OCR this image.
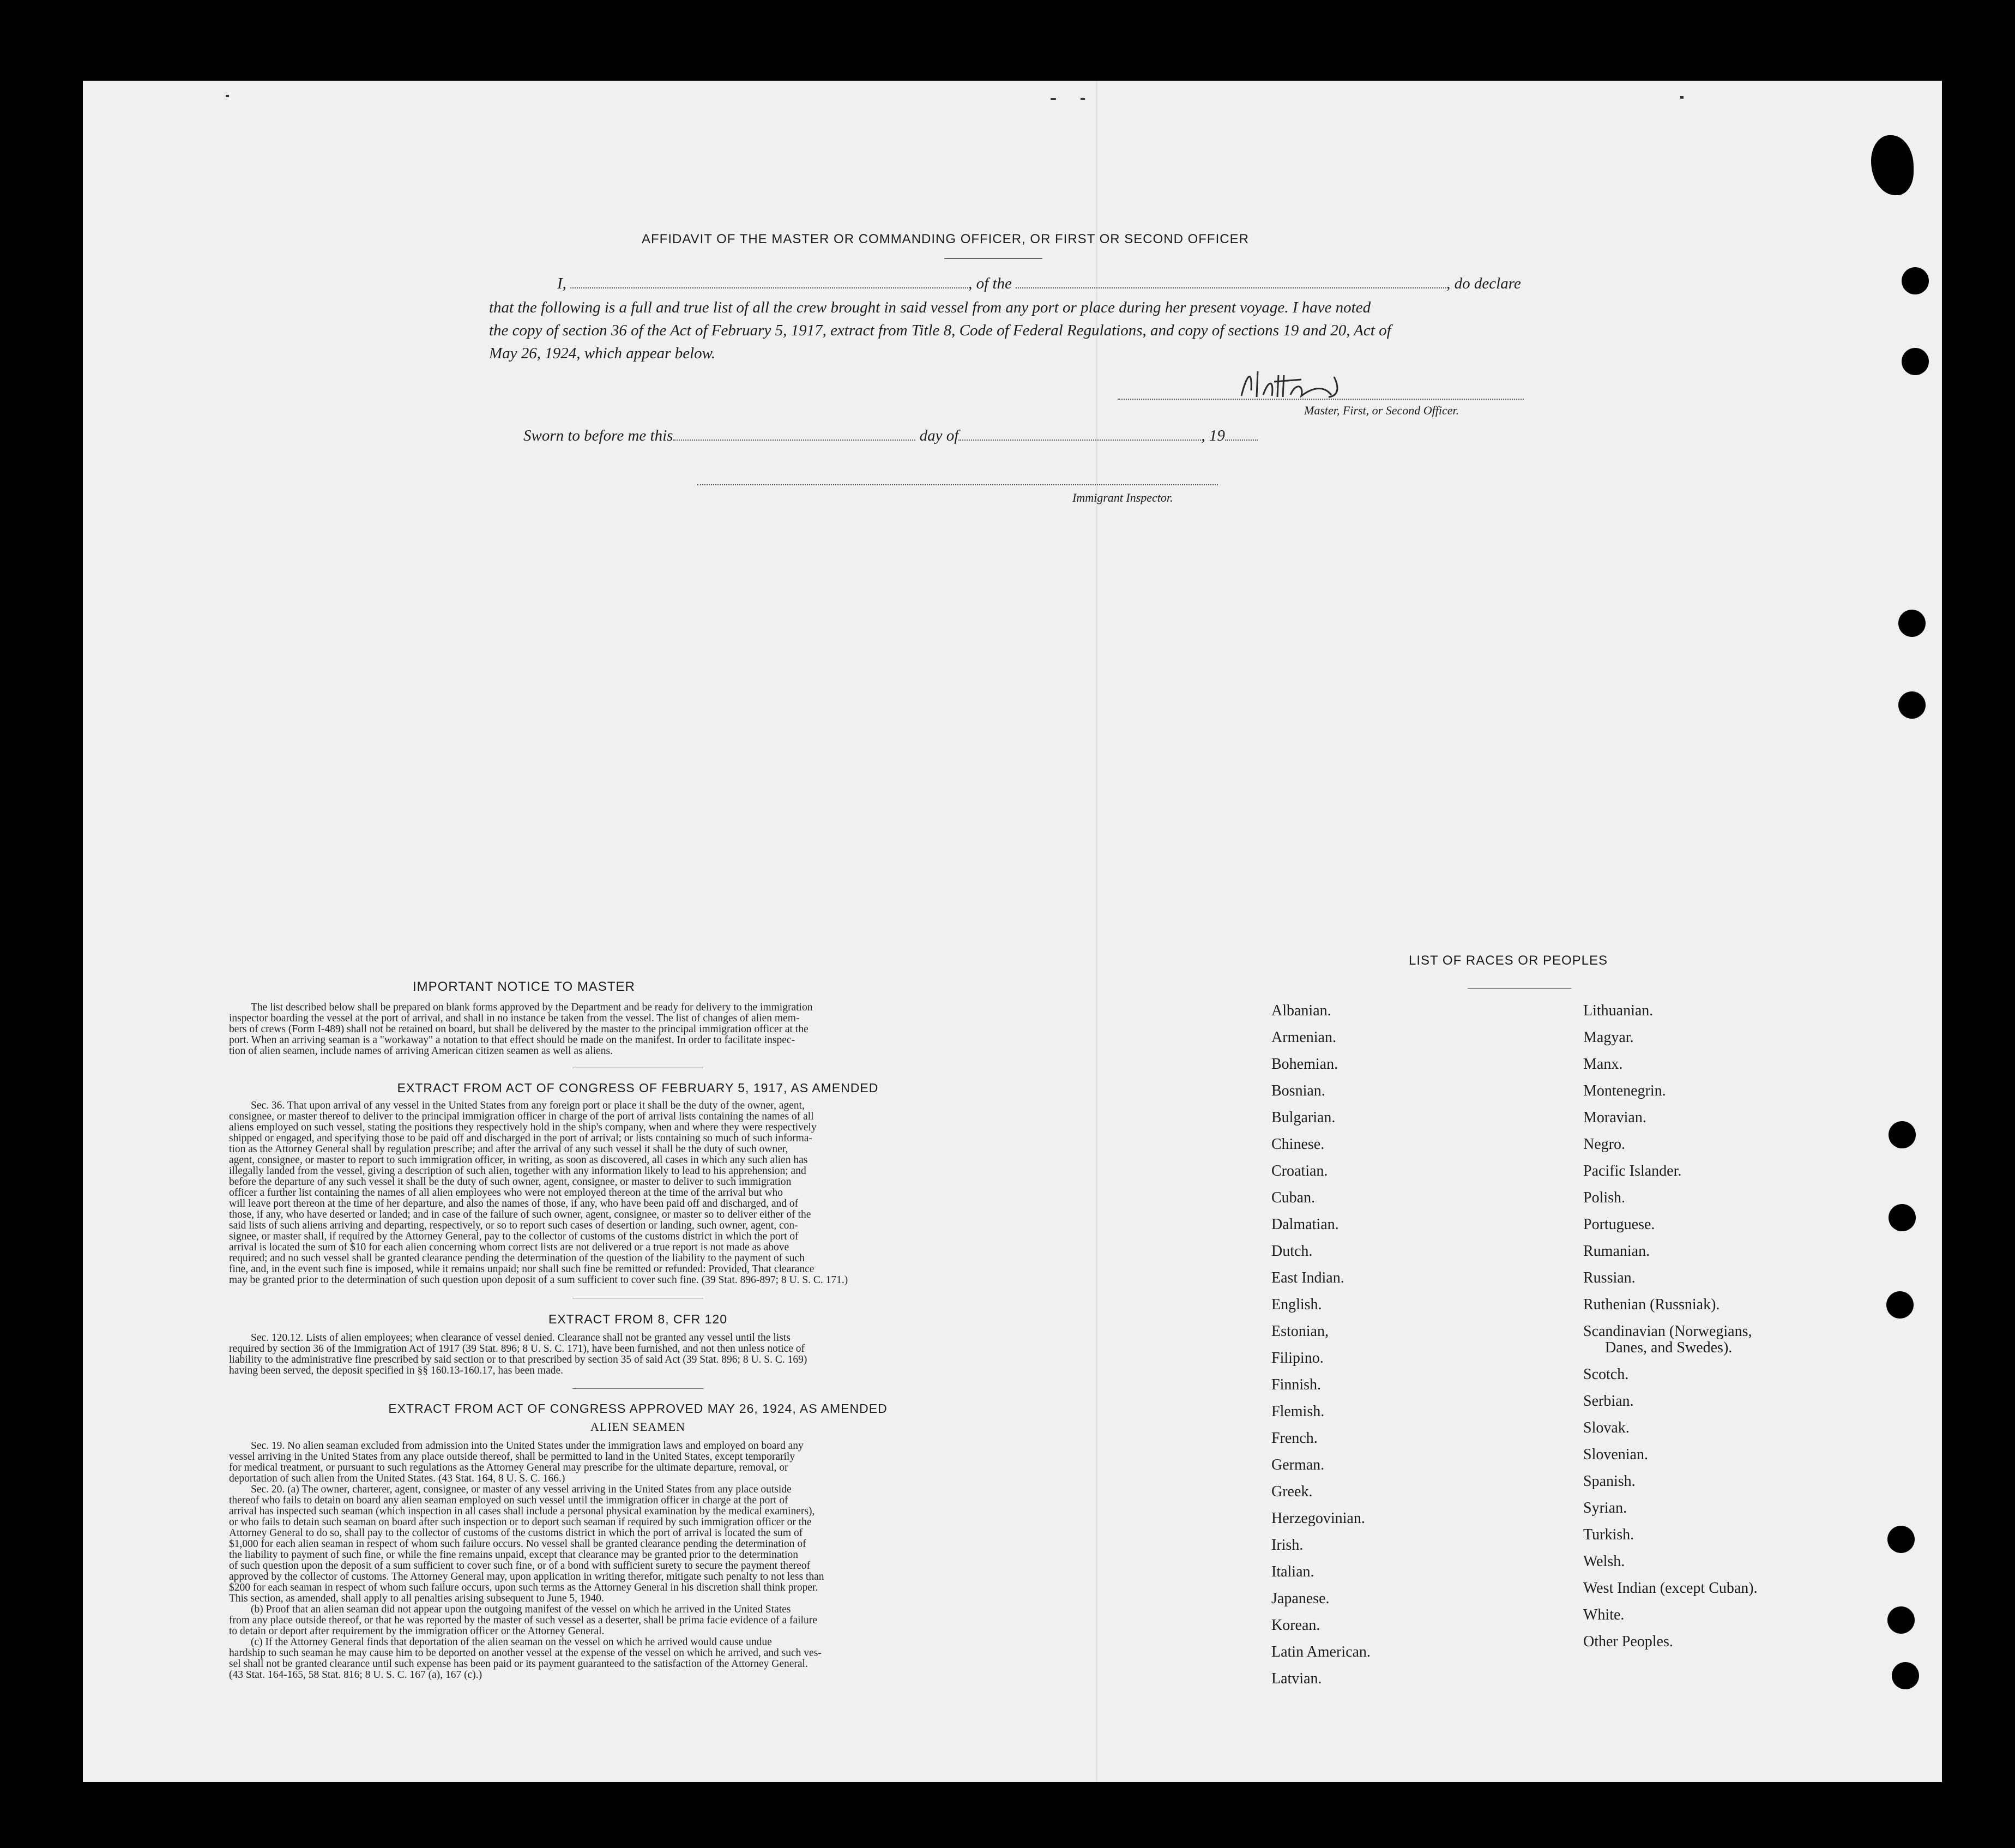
AFFIDAVIT OF THE MASTER OR COMMANDING OFFICER, OR FIRST OR SECOND OFFICER
I,	, of the	, do declare
that the following is a full and true list of all the crew brought in said vessel from any port or place during her present voyage. I have noted
the copy of section 36 of the Act of February 5, 1917, extract from Title 8, Code of Federal Regulations, and copy of sections 19 and 20, Act of
May 26, 1924, which appear below.
Master, First, or Second Officer.
Sworn to before me this	day of	, 19
Immigrant Inspector.
IMPORTANT NOTICE TO MASTER

The list described below shall be prepared on blank forms approved by the Department and be ready for delivery to the immigration

inspector boarding the vessel at the port of arrival, and shall in no instance be taken from the vessel. The list of changes of alien mem-

bers of crews (Form I-489) shall not be retained on board, but shall be delivered by the master to the principal immigration officer at the

port. When an arriving seaman is a "workaway" a notation to that effect should be made on the manifest. In order to facilitate inspec-

tion of alien seamen, include names of arriving American citizen seamen as well as aliens.

EXTRACT FROM ACT OF CONGRESS OF FEBRUARY 5, 1917, AS AMENDED

Sec. 36. That upon arrival of any vessel in the United States from any foreign port or place it shall be the duty of the owner, agent,

consignee, or master thereof to deliver to the principal immigration officer in charge of the port of arrival lists containing the names of all

aliens employed on such vessel, stating the positions they respectively hold in the ship's company, when and where they were respectively

shipped or engaged, and specifying those to be paid off and discharged in the port of arrival; or lists containing so much of such informa-

tion as the Attorney General shall by regulation prescribe; and after the arrival of any such vessel it shall be the duty of such owner,

agent, consignee, or master to report to such immigration officer, in writing, as soon as discovered, all cases in which any such alien has

illegally landed from the vessel, giving a description of such alien, together with any information likely to lead to his apprehension; and

before the departure of any such vessel it shall be the duty of such owner, agent, consignee, or master to deliver to such immigration

officer a further list containing the names of all alien employees who were not employed thereon at the time of the arrival but who

will leave port thereon at the time of her departure, and also the names of those, if any, who have been paid off and discharged, and of

those, if any, who have deserted or landed; and in case of the failure of such owner, agent, consignee, or master so to deliver either of the

said lists of such aliens arriving and departing, respectively, or so to report such cases of desertion or landing, such owner, agent, con-

signee, or master shall, if required by the Attorney General, pay to the collector of customs of the customs district in which the port of

arrival is located the sum of $10 for each alien concerning whom correct lists are not delivered or a true report is not made as above

required; and no such vessel shall be granted clearance pending the determination of the question of the liability to the payment of such

fine, and, in the event such fine is imposed, while it remains unpaid; nor shall such fine be remitted or refunded: Provided, That clearance

may be granted prior to the determination of such question upon deposit of a sum sufficient to cover such fine. (39 Stat. 896-897; 8 U. S. C. 171.)

EXTRACT FROM 8, CFR 120

Sec. 120.12. Lists of alien employees; when clearance of vessel denied. Clearance shall not be granted any vessel until the lists

required by section 36 of the Immigration Act of 1917 (39 Stat. 896; 8 U. S. C. 171), have been furnished, and not then unless notice of

liability to the administrative fine prescribed by said section or to that prescribed by section 35 of said Act (39 Stat. 896; 8 U. S. C. 169)

having been served, the deposit specified in §§ 160.13-160.17, has been made.

EXTRACT FROM ACT OF CONGRESS APPROVED MAY 26, 1924, AS AMENDED
ALIEN SEAMEN

Sec. 19. No alien seaman excluded from admission into the United States under the immigration laws and employed on board any

vessel arriving in the United States from any place outside thereof, shall be permitted to land in the United States, except temporarily

for medical treatment, or pursuant to such regulations as the Attorney General may prescribe for the ultimate departure, removal, or

deportation of such alien from the United States. (43 Stat. 164, 8 U. S. C. 166.)

Sec. 20. (a) The owner, charterer, agent, consignee, or master of any vessel arriving in the United States from any place outside

thereof who fails to detain on board any alien seaman employed on such vessel until the immigration officer in charge at the port of

arrival has inspected such seaman (which inspection in all cases shall include a personal physical examination by the medical examiners),

or who fails to detain such seaman on board after such inspection or to deport such seaman if required by such immigration officer or the

Attorney General to do so, shall pay to the collector of customs of the customs district in which the port of arrival is located the sum of

$1,000 for each alien seaman in respect of whom such failure occurs. No vessel shall be granted clearance pending the determination of

the liability to payment of such fine, or while the fine remains unpaid, except that clearance may be granted prior to the determination

of such question upon the deposit of a sum sufficient to cover such fine, or of a bond with sufficient surety to secure the payment thereof

approved by the collector of customs. The Attorney General may, upon application in writing therefor, mitigate such penalty to not less than

$200 for each seaman in respect of whom such failure occurs, upon such terms as the Attorney General in his discretion shall think proper.

This section, as amended, shall apply to all penalties arising subsequent to June 5, 1940.

(b) Proof that an alien seaman did not appear upon the outgoing manifest of the vessel on which he arrived in the United States

from any place outside thereof, or that he was reported by the master of such vessel as a deserter, shall be prima facie evidence of a failure

to detain or deport after requirement by the immigration officer or the Attorney General.

(c) If the Attorney General finds that deportation of the alien seaman on the vessel on which he arrived would cause undue

hardship to such seaman he may cause him to be deported on another vessel at the expense of the vessel on which he arrived, and such ves-

sel shall not be granted clearance until such expense has been paid or its payment guaranteed to the satisfaction of the Attorney General.

(43 Stat. 164-165, 58 Stat. 816; 8 U. S. C. 167 (a), 167 (c).)

LIST OF RACES OR PEOPLES
Albanian.
Armenian.
Bohemian.
Bosnian.
Bulgarian.
Chinese.
Croatian.
Cuban.
Dalmatian.
Dutch.
East Indian.
English.
Estonian,
Filipino.
Finnish.
Flemish.
French.
German.
Greek.
Herzegovinian.
Irish.
Italian.
Japanese.
Korean.
Latin American.
Latvian.
Lithuanian.
Magyar.
Manx.
Montenegrin.
Moravian.
Negro.
Pacific Islander.
Polish.
Portuguese.
Rumanian.
Russian.
Ruthenian (Russniak).
Scandinavian (Norwegians,
Danes, and Swedes).
Scotch.
Serbian.
Slovak.
Slovenian.
Spanish.
Syrian.
Turkish.
Welsh.
West Indian (except Cuban).
White.
Other Peoples.
